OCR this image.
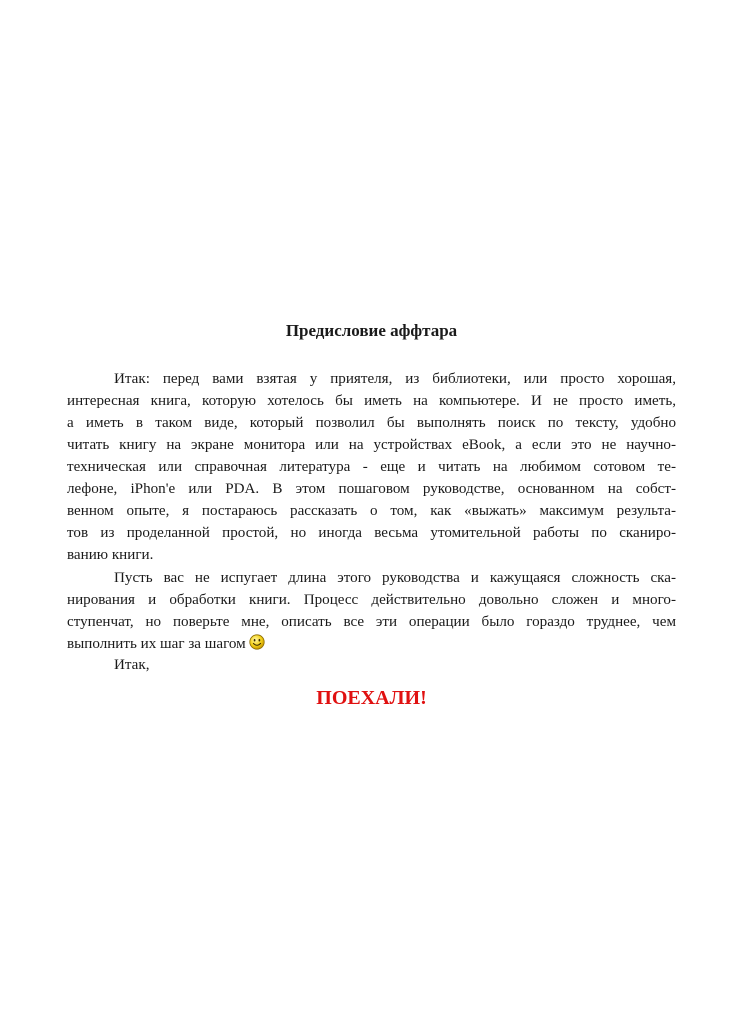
Предисловие аффтара

Итак: перед вами взятая у приятеля, из библиотеки, или просто хорошая,
интересная книга, которую хотелось бы иметь на компьютере. И не просто иметь,
а иметь в таком виде, который позволил бы выполнять поиск по тексту, удобно
читать книгу на экране монитора или на устройствах eBook, а если это не научно-
техническая или справочная литература - еще и читать на любимом сотовом те-
лефоне, iPhon'e или PDA. В этом пошаговом руководстве, основанном на собст-
венном опыте, я постараюсь рассказать о том, как «выжать» максимум результа-
тов из проделанной простой, но иногда весьма утомительной работы по сканиро-
ванию книги.

Пусть вас не испугает длина этого руководства и кажущаяся сложность ска-
нирования и обработки книги. Процесс действительно довольно сложен и много-
ступенчат, но поверьте мне, описать все эти операции было гораздо труднее, чем
выполнить их шаг за шагом

Итак,

ПОЕХАЛИ!
